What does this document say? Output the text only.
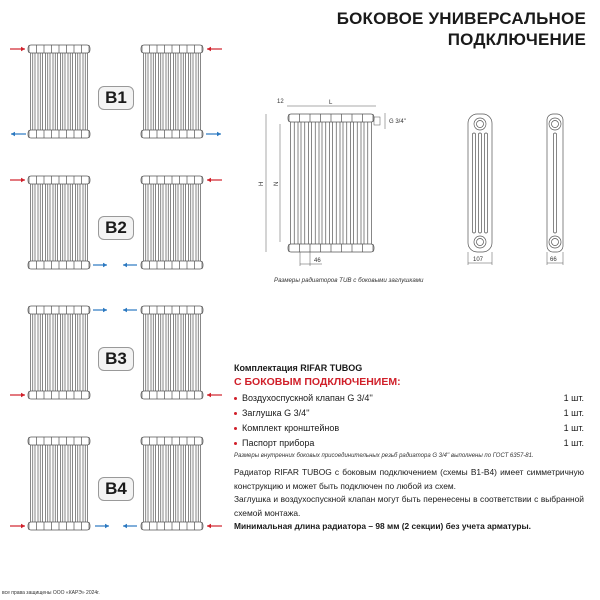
БОКОВОЕ УНИВЕРСАЛЬНОЕ
ПОДКЛЮЧЕНИЕ
12	L
G 3/4''
H N
46	107	66
B1
B2
B3
B4
Размеры радиаторов TUB с боковыми заглушками
Комплектация RIFAR TUBOG
С БОКОВЫМ ПОДКЛЮЧЕНИЕМ:
Воздухоспускной клапан G 3/4''	1 шт.
Заглушка G 3/4''	1 шт.
Комплект кронштейнов	1 шт.
Паспорт прибора	1 шт.
Размеры внутренних боковых присоединительных резьб радиатора G 3/4'' выполнены по ГОСТ 6357-81.
Радиатор RIFAR TUBOG с боковым подключением (схемы B1-B4) имеет симметричную конструкцию и может быть подключен по любой из схем.
Заглушка и воздухоспускной клапан могут быть перенесены в соответствии с выбранной схемой монтажа.
Минимальная длина радиатора – 98 мм (2 секции) без учета арматуры.
все права защищены ООО «КАРЭ» 2024г.
